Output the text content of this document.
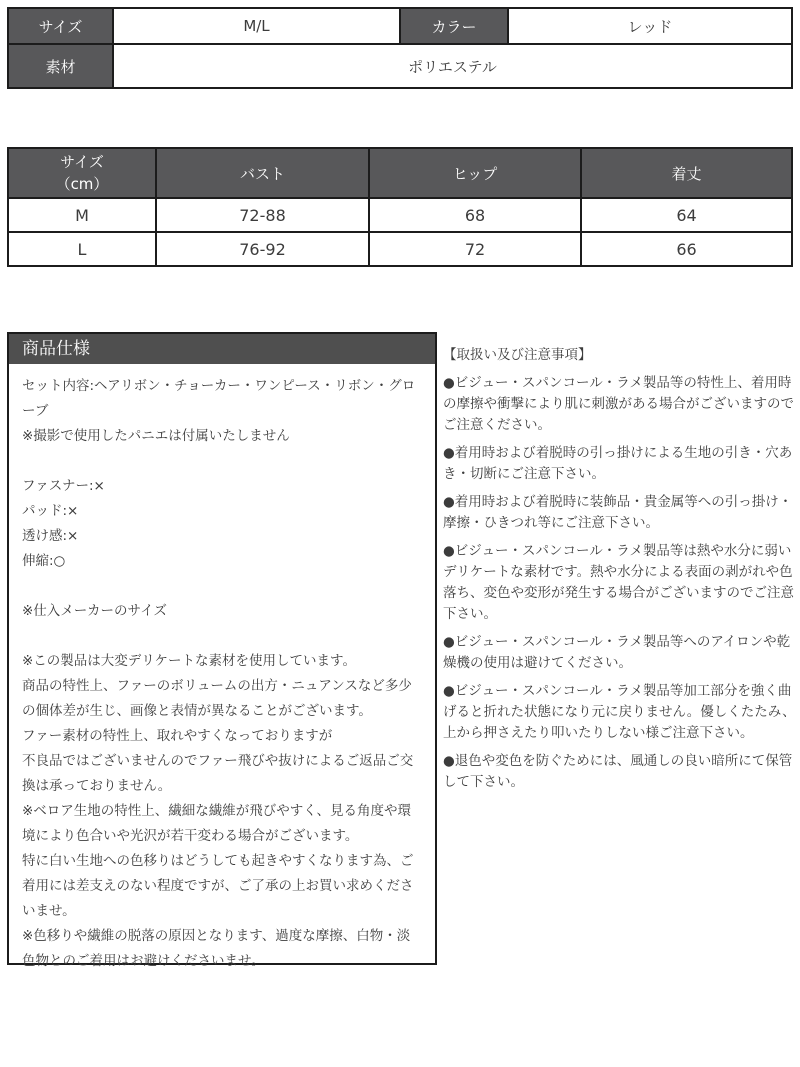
サイズ	M/L	カラー	レッド
素材	ポリエステル		
サイズ
（cm）	バスト	ヒップ	着丈
M	72-88	68	64
L	76-92	72	66
商品仕様
セット内容:ヘアリボン・チョーカー・ワンピース・リボン・グローブ
※撮影で使用したパニエは付属いたしません
ファスナー:×
パッド:×
透け感:×
伸縮:○
※仕入メーカーのサイズ
※この製品は大変デリケートな素材を使用しています。
商品の特性上、ファーのボリュームの出方・ニュアンスなど多少の個体差が生じ、画像と表情が異なることがございます。
ファー素材の特性上、取れやすくなっておりますが
不良品ではございませんのでファー飛びや抜けによるご返品ご交換は承っておりません。
※ベロア生地の特性上、繊細な繊維が飛びやすく、見る角度や環境により色合いや光沢が若干変わる場合がございます。
特に白い生地への色移りはどうしても起きやすくなります為、ご着用には差支えのない程度ですが、ご了承の上お買い求めくださいませ。
※色移りや繊維の脱落の原因となります、過度な摩擦、白物・淡色物とのご着用はお避けくださいませ。

【取扱い及び注意事項】

●ビジュー・スパンコール・ラメ製品等の特性上、着用時の摩擦や衝撃により肌に刺激がある場合がございますのでご注意ください。

●着用時および着脱時の引っ掛けによる生地の引き・穴あき・切断にご注意下さい。

●着用時および着脱時に装飾品・貴金属等への引っ掛け・摩擦・ひきつれ等にご注意下さい。

●ビジュー・スパンコール・ラメ製品等は熱や水分に弱いデリケートな素材です。熱や水分による表面の剥がれや色落ち、変色や変形が発生する場合がございますのでご注意下さい。

●ビジュー・スパンコール・ラメ製品等へのアイロンや乾燥機の使用は避けてください。

●ビジュー・スパンコール・ラメ製品等加工部分を強く曲げると折れた状態になり元に戻りません。優しくたたみ、上から押さえたり叩いたりしない様ご注意下さい。

●退色や変色を防ぐためには、風通しの良い暗所にて保管して下さい。
